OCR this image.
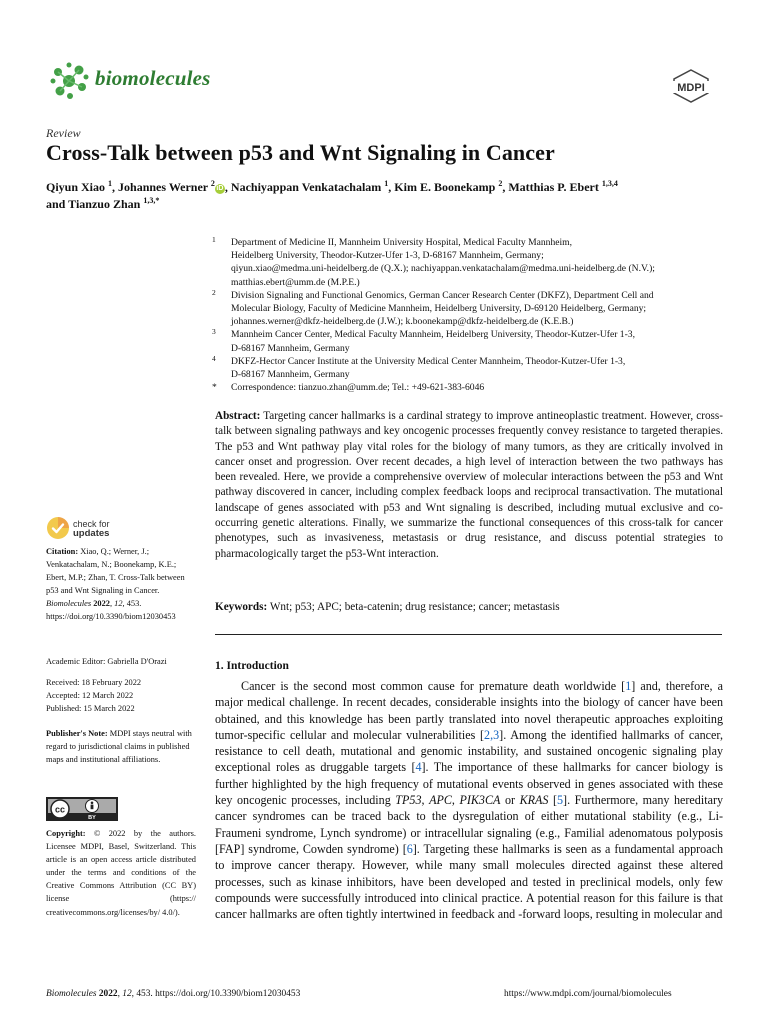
biomolecules	MDPI
Review
Cross-Talk between p53 and Wnt Signaling in Cancer
Qiyun Xiao $^1$, Johannes Werner $^2$iD , Nachiyappan Venkatachalam $^1$, Kim E. Boonekamp $^2$, Matthias P. Ebert $^{1,3,4}$
and Tianzuo Zhan $^{1,3,*}$
1 Department of Medicine II, Mannheim University Hospital, Medical Faculty Mannheim,
Heidelberg University, Theodor-Kutzer-Ufer 1-3, D-68167 Mannheim, Germany;
qiyun.xiao@medma.uni-heidelberg.de (Q.X.); nachiyappan.venkatachalam@medma.uni-heidelberg.de (N.V.);
matthias.ebert@umm.de (M.P.E.)
2 Division Signaling and Functional Genomics, German Cancer Research Center (DKFZ), Department Cell and
Molecular Biology, Faculty of Medicine Mannheim, Heidelberg University, D-69120 Heidelberg, Germany;
johannes.werner@dkfz-heidelberg.de (J.W.); k.boonekamp@dkfz-heidelberg.de (K.E.B.)
3 Mannheim Cancer Center, Medical Faculty Mannheim, Heidelberg University, Theodor-Kutzer-Ufer 1-3,
D-68167 Mannheim, Germany
4 DKFZ-Hector Cancer Institute at the University Medical Center Mannheim, Theodor-Kutzer-Ufer 1-3,
D-68167 Mannheim, Germany
* Correspondence: tianzuo.zhan@umm.de; Tel.: +49-621-383-6046
Abstract: Targeting cancer hallmarks is a cardinal strategy to improve antineoplastic treatment. However, cross-talk between signaling pathways and key oncogenic processes frequently convey resistance to targeted therapies. The p53 and Wnt pathway play vital roles for the biology of many tumors, as they are critically involved in cancer onset and progression. Over recent decades, a high level of interaction between the two pathways has been revealed. Here, we provide a comprehensive overview of molecular interactions between the p53 and Wnt pathway discovered in cancer, including complex feedback loops and reciprocal transactivation. The mutational landscape of genes associated with p53 and Wnt signaling is described, including mutual exclusive and co-occurring genetic alterations. Finally, we summarize the functional consequences of this cross-talk for cancer phenotypes, such as invasiveness, metastasis or drug resistance, and discuss potential strategies to pharmacologically target the p53-Wnt interaction.
Keywords: Wnt; p53; APC; beta-catenin; drug resistance; cancer; metastasis
1. Introduction

Cancer is the second most common cause for premature death worldwide [1] and, therefore, a major medical challenge. In recent decades, considerable insights into the biology of cancer have been obtained, and this knowledge has been partly translated into novel therapeutic approaches exploiting tumor-specific cellular and molecular vulnerabilities [2,3]. Among the identified hallmarks of cancer, resistance to cell death, mutational and genomic instability, and sustained oncogenic signaling play exceptional roles as druggable targets [4]. The importance of these hallmarks for cancer biology is further highlighted by the high frequency of mutational events observed in genes associated with these key oncogenic processes, including TP53, APC, PIK3CA or KRAS [5]. Furthermore, many hereditary cancer syndromes can be traced back to the dysregulation of either mutational stability (e.g., Li-Fraumeni syndrome, Lynch syndrome) or intracellular signaling (e.g., Familial adenomatous polyposis [FAP] syndrome, Cowden syndrome) [6]. Targeting these hallmarks is seen as a fundamental approach to improve cancer therapy. However, while many small molecules directed against these altered processes, such as kinase inhibitors, have been developed and tested in preclinical models, only few compounds were successfully introduced into clinical practice. A potential reason for this failure is that cancer hallmarks are often tightly intertwined in feedback and -forward loops, resulting in molecular and

check for
updates
Citation: Xiao, Q.; Werner, J.; Venkatachalam, N.; Boonekamp, K.E.; Ebert, M.P.; Zhan, T. Cross-Talk between p53 and Wnt Signaling in Cancer. Biomolecules 2022, 12, 453. https://doi.org/10.3390/biom12030453
Academic Editor: Gabriella D'Orazi
Received: 18 February 2022
Accepted: 12 March 2022
Published: 15 March 2022
Publisher's Note: MDPI stays neutral with regard to jurisdictional claims in published maps and institutional affiliations.
cc
BY
Copyright: © 2022 by the authors. Licensee MDPI, Basel, Switzerland. This article is an open access article distributed under the terms and conditions of the Creative Commons Attribution (CC BY) license (https:// creativecommons.org/licenses/by/ 4.0/).
Biomolecules 2022, 12, 453. https://doi.org/10.3390/biom12030453	https://www.mdpi.com/journal/biomolecules
